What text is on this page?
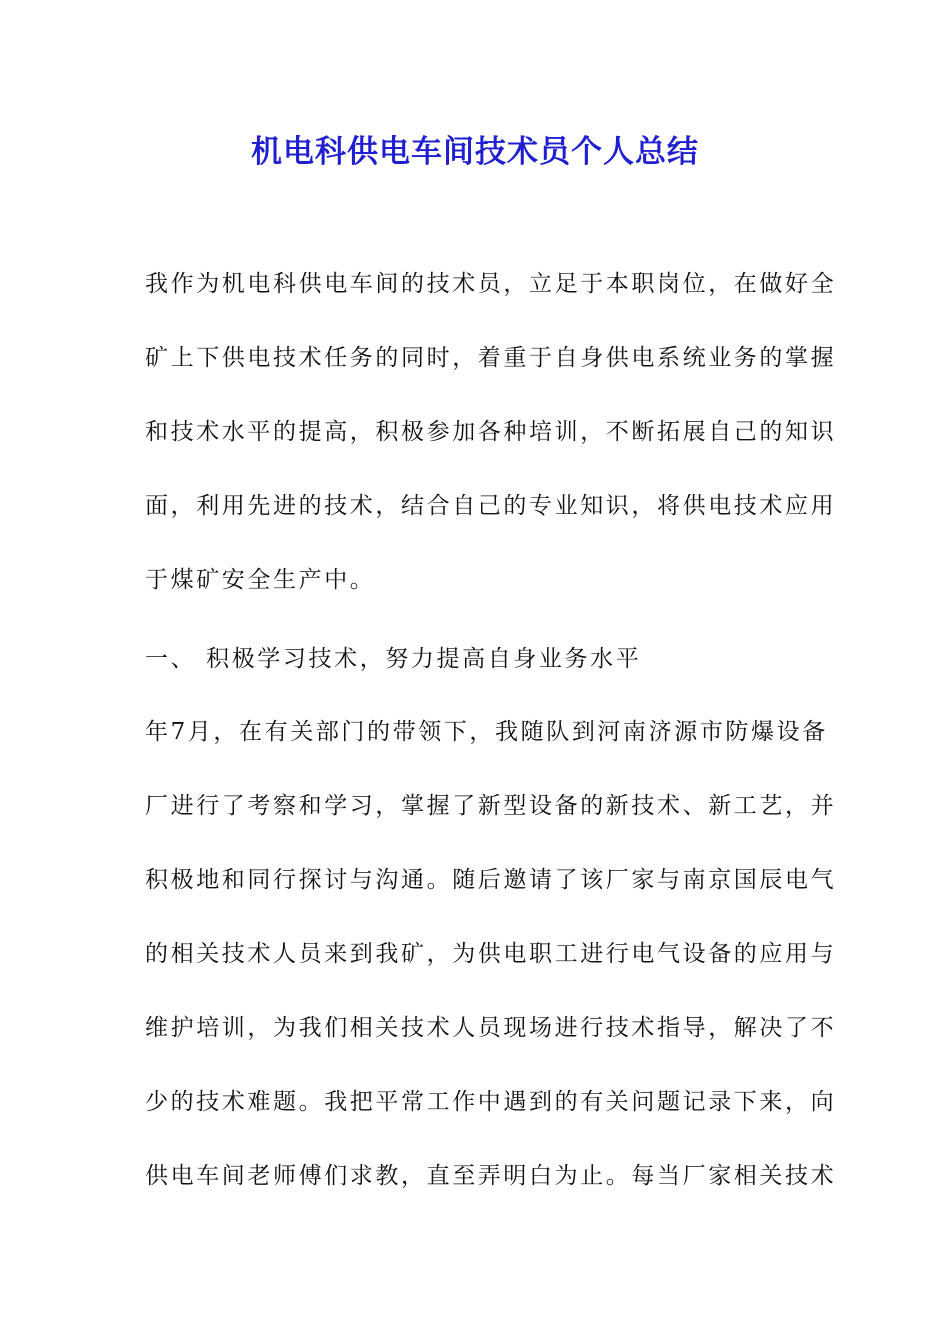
机电科供电车间技术员个人总结
我作为机电科供电车间的技术员，立足于本职岗位，在做好全
矿上下供电技术任务的同时，着重于自身供电系统业务的掌握
和技术水平的提高，积极参加各种培训，不断拓展自己的知识
面，利用先进的技术，结合自己的专业知识，将供电技术应用
于煤矿安全生产中。
一、 积极学习技术，努力提高自身业务水平
年7月，在有关部门的带领下，我随队到河南济源市防爆设备
厂进行了考察和学习，掌握了新型设备的新技术、新工艺，并
积极地和同行探讨与沟通。随后邀请了该厂家与南京国辰电气
的相关技术人员来到我矿，为供电职工进行电气设备的应用与
维护培训，为我们相关技术人员现场进行技术指导，解决了不
少的技术难题。我把平常工作中遇到的有关问题记录下来，向
供电车间老师傅们求教，直至弄明白为止。每当厂家相关技术
